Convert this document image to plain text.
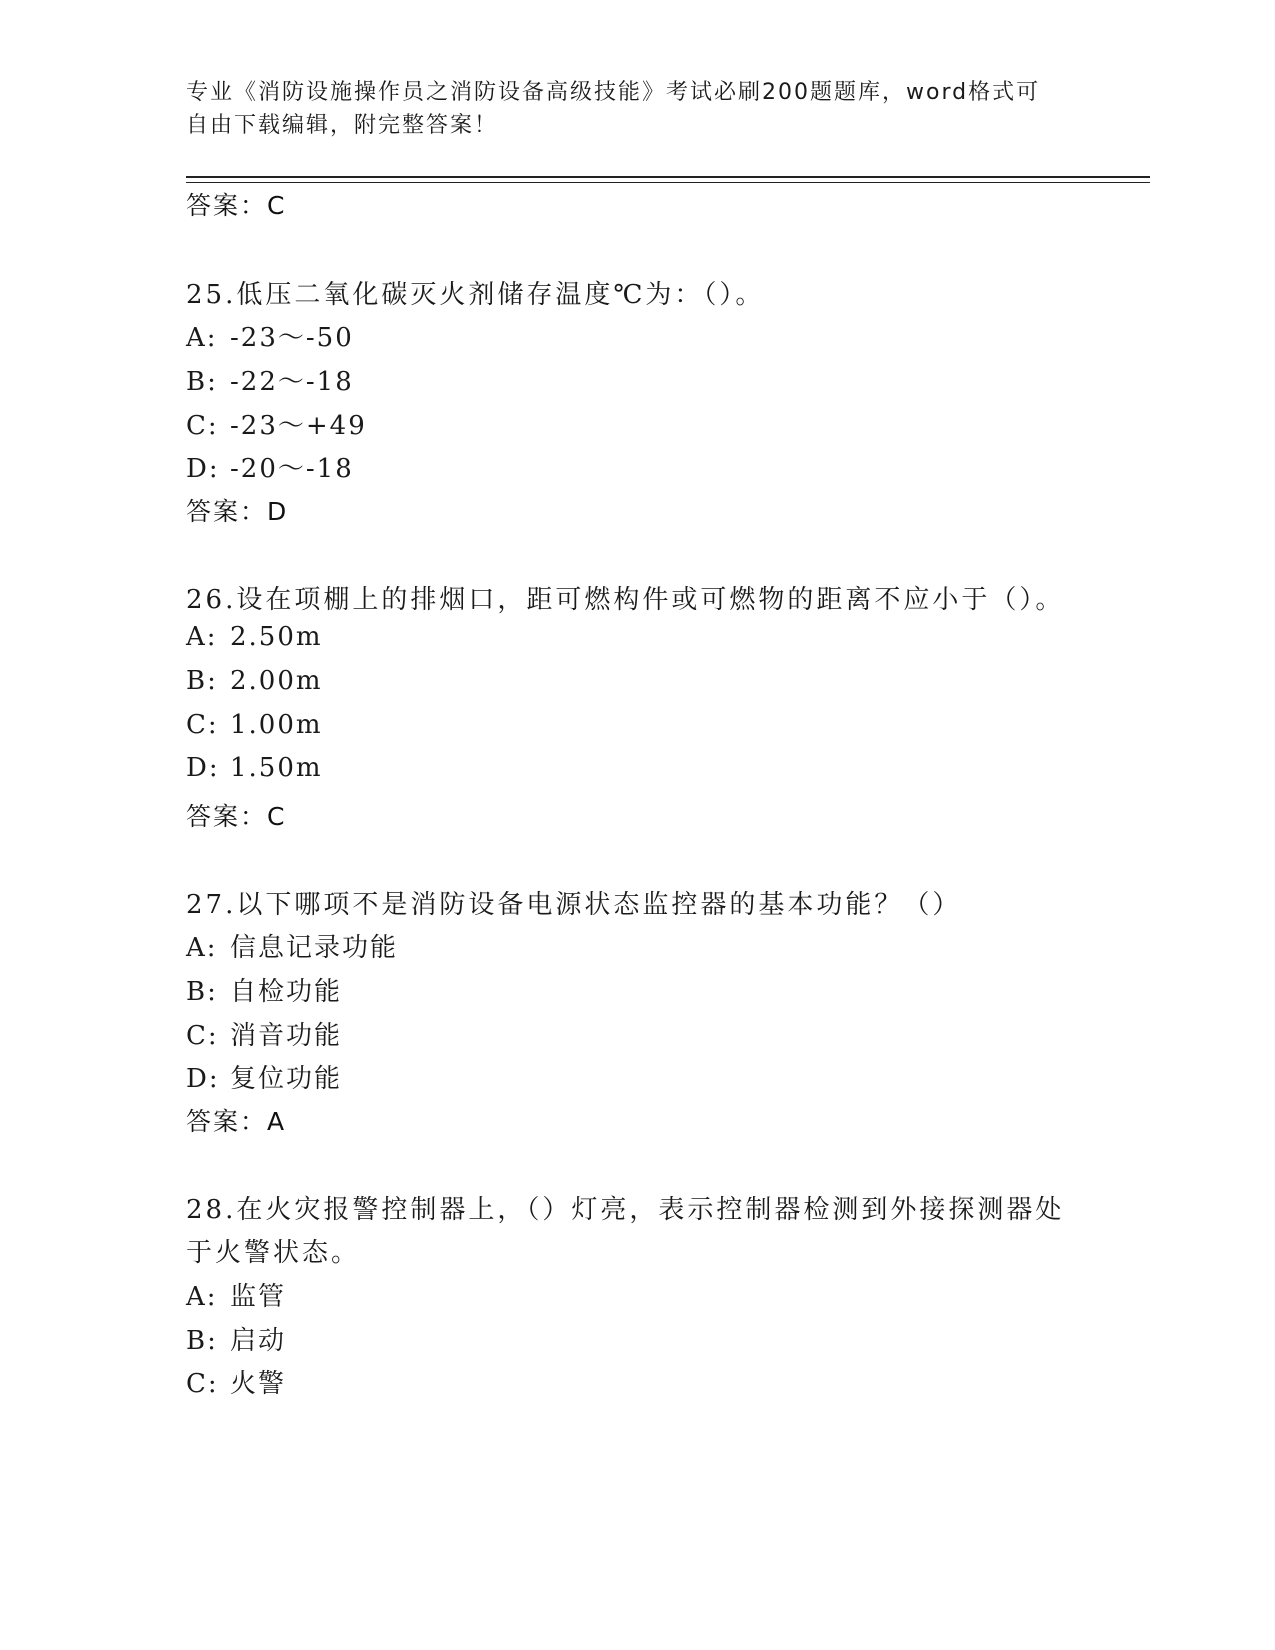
专业《消防设施操作员之消防设备高级技能》考试必刷200题题库，word格式可
自由下载编辑，附完整答案！
答案：C
25.低压二氧化碳灭火剂储存温度℃为：（）。
A: -23～-50
B: -22～-18
C: -23～+49
D: -20～-18
答案：D
26.设在项棚上的排烟口，距可燃构件或可燃物的距离不应小于（）。
A: 2.50m
B: 2.00m
C: 1.00m
D: 1.50m
答案：C
27.以下哪项不是消防设备电源状态监控器的基本功能？（）
A: 信息记录功能
B: 自检功能
C: 消音功能
D: 复位功能
答案：A
28.在火灾报警控制器上，（）灯亮，表示控制器检测到外接探测器处
于火警状态。
A: 监管
B: 启动
C: 火警
